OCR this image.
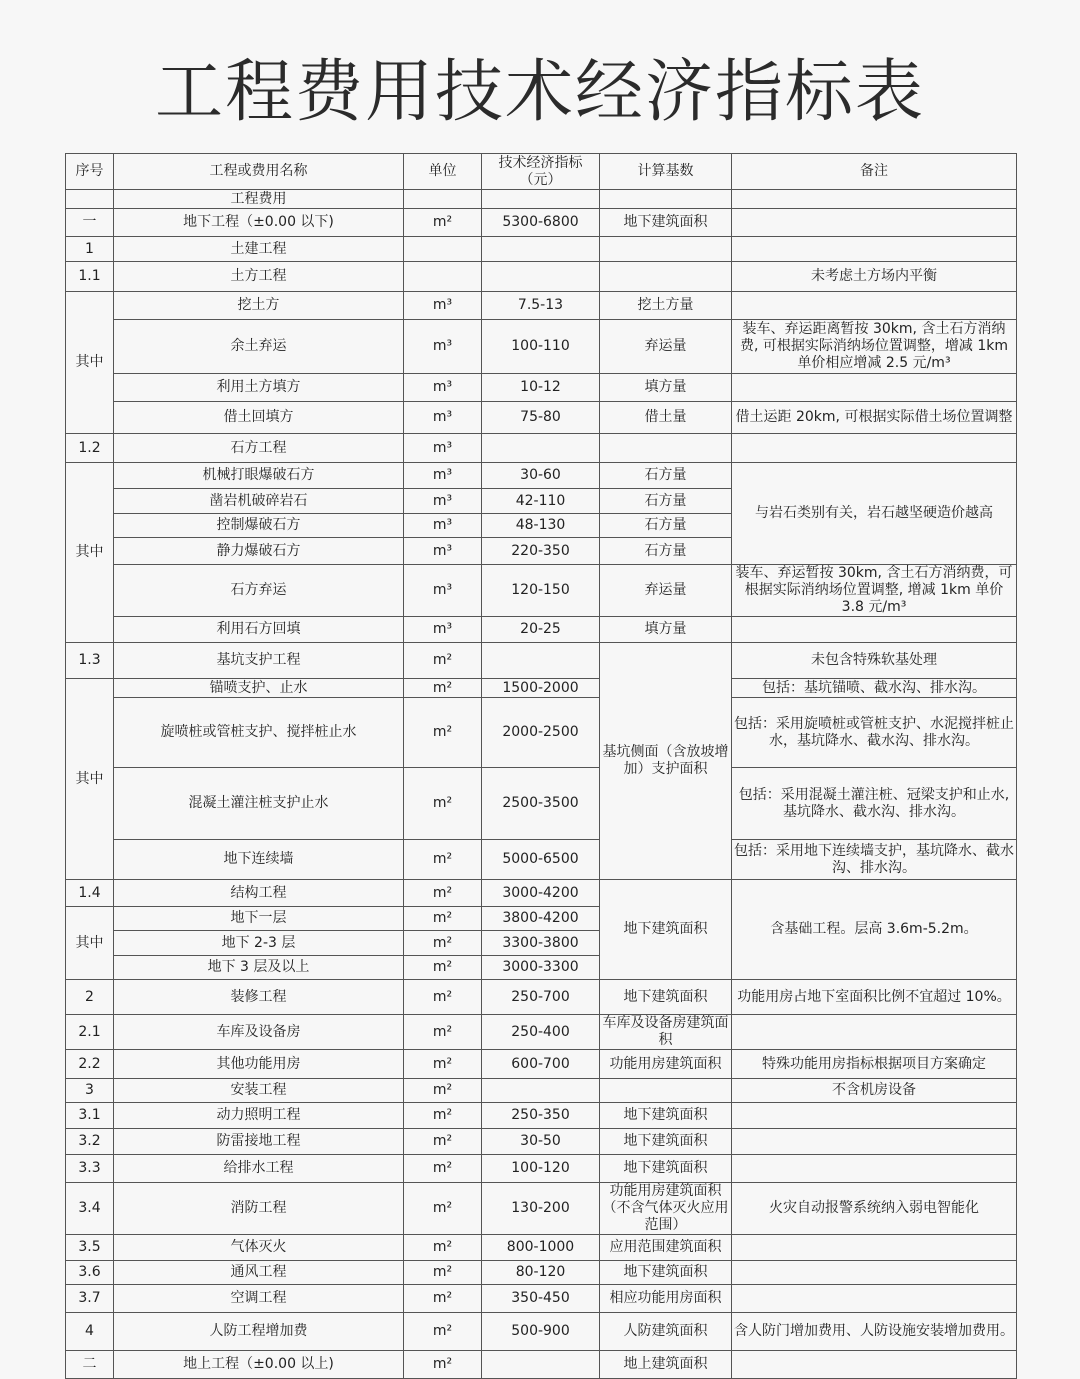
工程费用技术经济指标表
序号	工程或费用名称	单位	技术经济指标（元）	计算基数	备注
	工程费用				
一	地下工程（±0.00 以下)	m²	5300-6800	地下建筑面积	
1	土建工程				
1.1	土方工程				未考虑土方场内平衡
其中	挖土方	m³	7.5-13	挖土方量	
	余土弃运	m³	100-110	弃运量	装车、弃运距离暂按 30km, 含土石方消纳费, 可根据实际消纳场位置调整，增减 1km 单价相应增减 2.5 元/m³
	利用土方填方	m³	10-12	填方量	
	借土回填方	m³	75-80	借土量	借土运距 20km, 可根据实际借土场位置调整
1.2	石方工程	m³			
其中	机械打眼爆破石方	m³	30-60	石方量	与岩石类别有关，岩石越坚硬造价越高
	凿岩机破碎岩石	m³	42-110	石方量	
	控制爆破石方	m³	48-130	石方量	
	静力爆破石方	m³	220-350	石方量	
	石方弃运	m³	120-150	弃运量	装车、弃运暂按 30km, 含土石方消纳费，可根据实际消纳场位置调整, 增减 1km 单价 3.8 元/m³
	利用石方回填	m³	20-25	填方量	
1.3	基坑支护工程	m²		基坑侧面（含放坡增加）支护面积	未包含特殊软基处理
其中	锚喷支护、止水	m²	1500-2000		包括：基坑锚喷、截水沟、排水沟。
	旋喷桩或管桩支护、搅拌桩止水	m²	2000-2500		包括：采用旋喷桩或管桩支护、水泥搅拌桩止水，基坑降水、截水沟、排水沟。
	混凝土灌注桩支护止水	m²	2500-3500		包括：采用混凝土灌注桩、冠梁支护和止水, 基坑降水、截水沟、排水沟。
	地下连续墙	m²	5000-6500		包括：采用地下连续墙支护，基坑降水、截水沟、排水沟。
1.4	结构工程	m²	3000-4200	地下建筑面积	含基础工程。层高 3.6m-5.2m。
其中	地下一层	m²	3800-4200		
	地下 2-3 层	m²	3300-3800		
	地下 3 层及以上	m²	3000-3300		
2	装修工程	m²	250-700	地下建筑面积	功能用房占地下室面积比例不宜超过 10%。
2.1	车库及设备房	m²	250-400	车库及设备房建筑面积	
2.2	其他功能用房	m²	600-700	功能用房建筑面积	特殊功能用房指标根据项目方案确定
3	安装工程	m²			不含机房设备
3.1	动力照明工程	m²	250-350	地下建筑面积	
3.2	防雷接地工程	m²	30-50	地下建筑面积	
3.3	给排水工程	m²	100-120	地下建筑面积	
3.4	消防工程	m²	130-200	功能用房建筑面积（不含气体灭火应用范围）	火灾自动报警系统纳入弱电智能化
3.5	气体灭火	m²	800-1000	应用范围建筑面积	
3.6	通风工程	m²	80-120	地下建筑面积	
3.7	空调工程	m²	350-450	相应功能用房面积	
4	人防工程增加费	m²	500-900	人防建筑面积	含人防门增加费用、人防设施安装增加费用。
二	地上工程（±0.00 以上)	m²		地上建筑面积	
